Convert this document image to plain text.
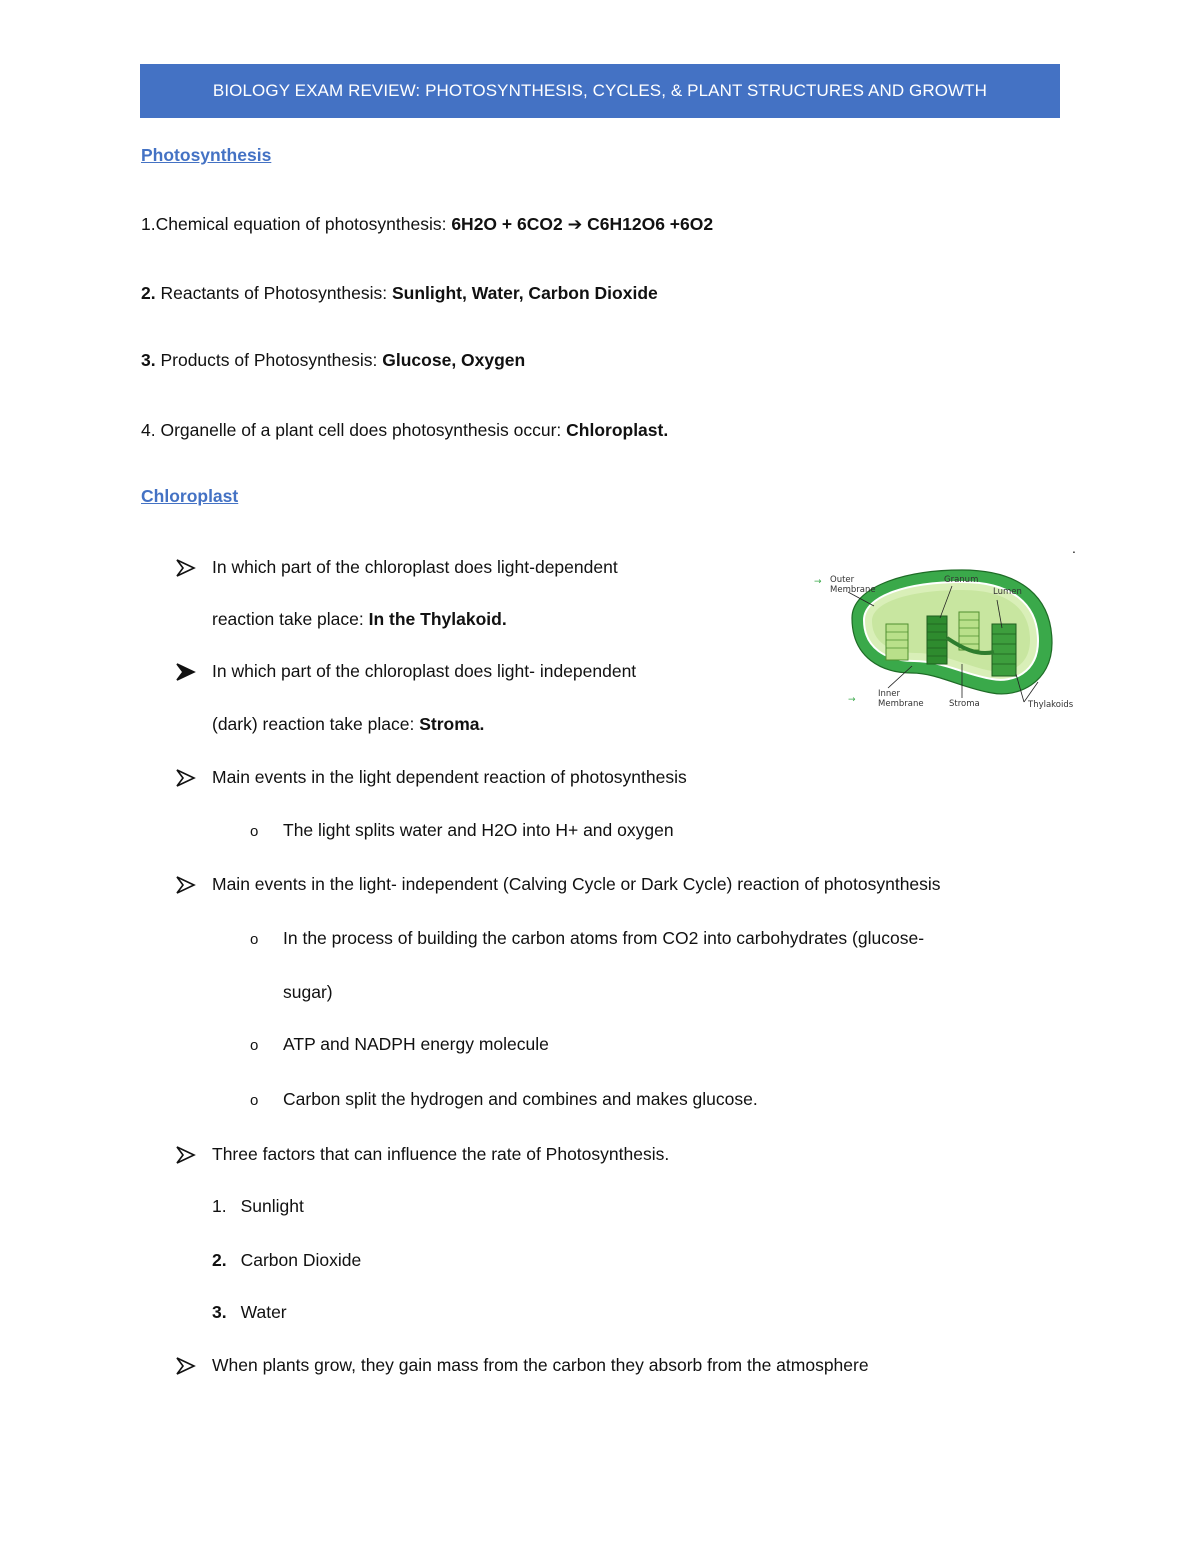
BIOLOGY EXAM REVIEW: PHOTOSYNTHESIS, CYCLES, & PLANT STRUCTURES AND GROWTH
Photosynthesis
1.Chemical equation of photosynthesis: 6H2O + 6CO2 ➔ C6H12O6 +6O2
2. Reactants of Photosynthesis: Sunlight, Water, Carbon Dioxide
3. Products of Photosynthesis: Glucose, Oxygen
4. Organelle of a plant cell does photosynthesis occur: Chloroplast.
Chloroplast
.
In which part of the chloroplast does light-dependent
reaction take place: In the Thylakoid.
In which part of the chloroplast does light- independent
(dark) reaction take place: Stroma.
Main events in the light dependent reaction of photosynthesis
o The light splits water and H2O into H+ and oxygen
Main events in the light- independent (Calving Cycle or Dark Cycle) reaction of photosynthesis
o In the process of building the carbon atoms from CO2 into carbohydrates (glucose-
sugar)
o ATP and NADPH energy molecule
o Carbon split the hydrogen and combines and makes glucose.
Three factors that can influence the rate of Photosynthesis.
1. Sunlight
2. Carbon Dioxide
3. Water
When plants grow, they gain mass from the carbon they absorb from the atmosphere
→
→
Outer
Membrane
Granum
Lumen
Inner
Membrane	Stroma	Thylakoids
